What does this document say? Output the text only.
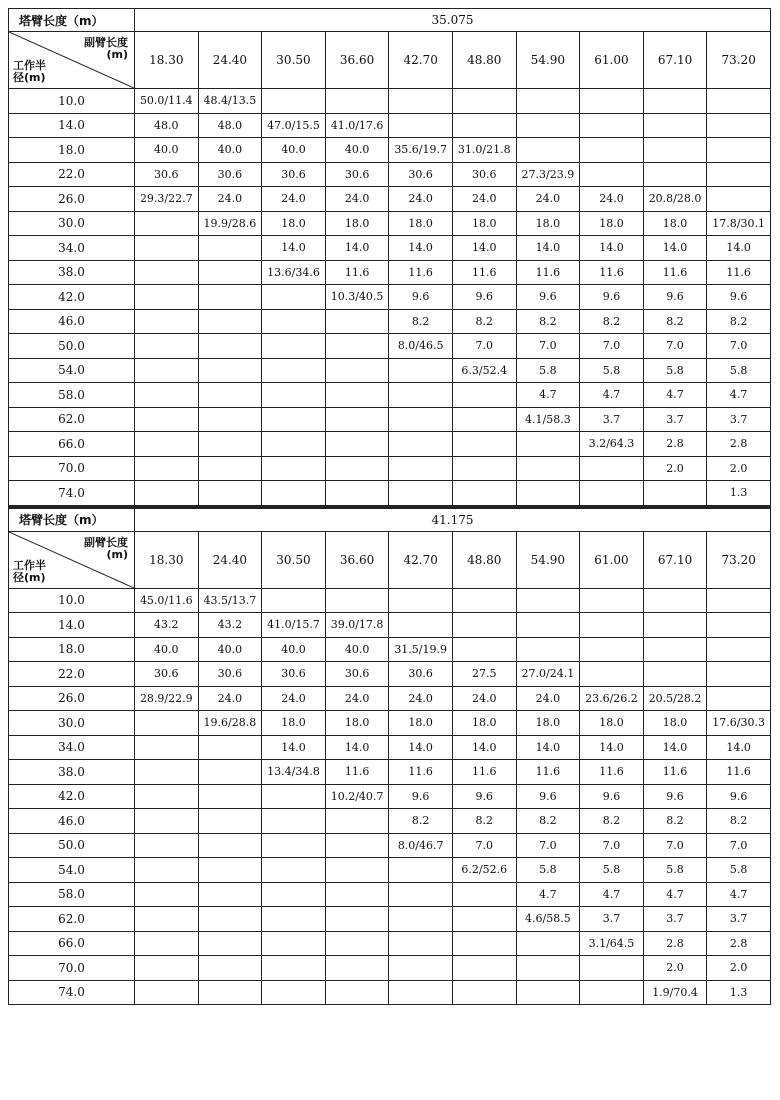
塔臂长度（m）	35.075									

副臂长度
(m)
工作半
径(m)	18.30	24.40	30.50	36.60	42.70	48.80	54.90	61.00	67.10	73.20
10.0	50.0/11.4	48.4/13.5								
14.0	48.0	48.0	47.0/15.5	41.0/17.6						
18.0	40.0	40.0	40.0	40.0	35.6/19.7	31.0/21.8				
22.0	30.6	30.6	30.6	30.6	30.6	30.6	27.3/23.9			
26.0	29.3/22.7	24.0	24.0	24.0	24.0	24.0	24.0	24.0	20.8/28.0	
30.0		19.9/28.6	18.0	18.0	18.0	18.0	18.0	18.0	18.0	17.8/30.1
34.0			14.0	14.0	14.0	14.0	14.0	14.0	14.0	14.0
38.0			13.6/34.6	11.6	11.6	11.6	11.6	11.6	11.6	11.6
42.0				10.3/40.5	9.6	9.6	9.6	9.6	9.6	9.6
46.0					8.2	8.2	8.2	8.2	8.2	8.2
50.0					8.0/46.5	7.0	7.0	7.0	7.0	7.0
54.0						6.3/52.4	5.8	5.8	5.8	5.8
58.0							4.7	4.7	4.7	4.7
62.0							4.1/58.3	3.7	3.7	3.7
66.0								3.2/64.3	2.8	2.8
70.0									2.0	2.0
74.0										1.3
塔臂长度（m）	41.175									

副臂长度
(m)
工作半
径(m)	18.30	24.40	30.50	36.60	42.70	48.80	54.90	61.00	67.10	73.20
10.0	45.0/11.6	43.5/13.7								
14.0	43.2	43.2	41.0/15.7	39.0/17.8						
18.0	40.0	40.0	40.0	40.0	31.5/19.9					
22.0	30.6	30.6	30.6	30.6	30.6	27.5	27.0/24.1			
26.0	28.9/22.9	24.0	24.0	24.0	24.0	24.0	24.0	23.6/26.2	20.5/28.2	
30.0		19.6/28.8	18.0	18.0	18.0	18.0	18.0	18.0	18.0	17.6/30.3
34.0			14.0	14.0	14.0	14.0	14.0	14.0	14.0	14.0
38.0			13.4/34.8	11.6	11.6	11.6	11.6	11.6	11.6	11.6
42.0				10.2/40.7	9.6	9.6	9.6	9.6	9.6	9.6
46.0					8.2	8.2	8.2	8.2	8.2	8.2
50.0					8.0/46.7	7.0	7.0	7.0	7.0	7.0
54.0						6.2/52.6	5.8	5.8	5.8	5.8
58.0							4.7	4.7	4.7	4.7
62.0							4.6/58.5	3.7	3.7	3.7
66.0								3.1/64.5	2.8	2.8
70.0									2.0	2.0
74.0									1.9/70.4	1.3
